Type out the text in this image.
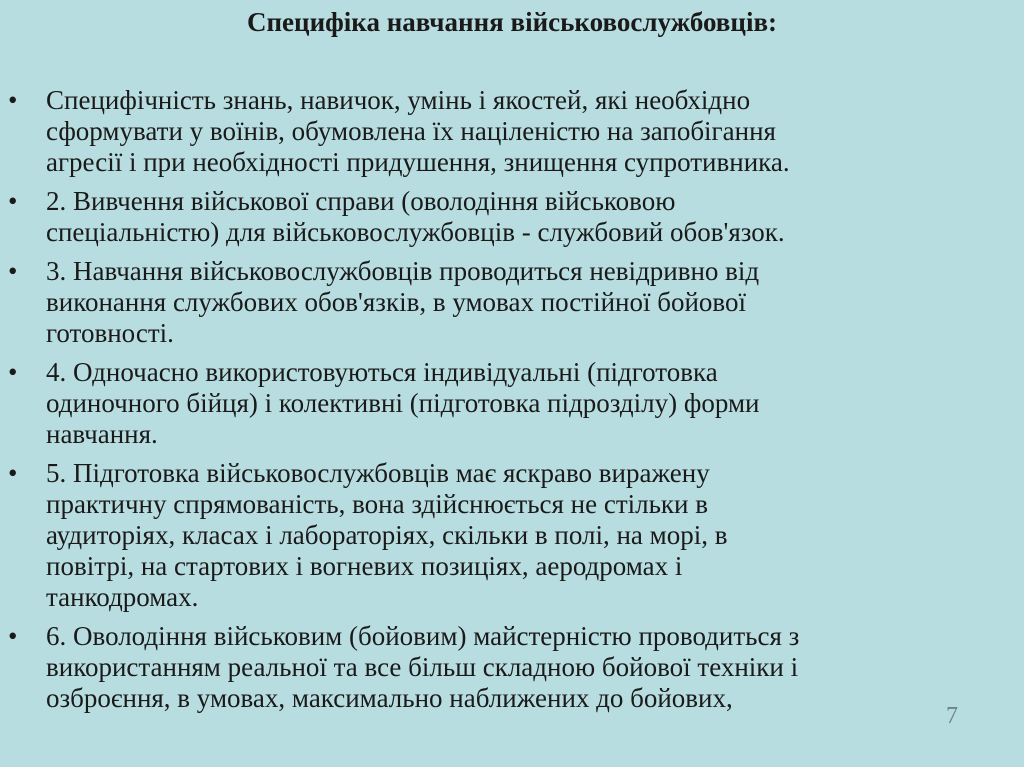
Специфіка навчання військовослужбовців:
• Специфічність знань, навичок, умінь і якостей, які необхідно
сформувати у воїнів, обумовлена їх націленістю на запобігання
агресії і при необхідності придушення, знищення супротивника.
• 2. Вивчення військової справи (оволодіння військовою
спеціальністю) для військовослужбовців - службовий обов'язок.
• 3. Навчання військовослужбовців проводиться невідривно від
виконання службових обов'язків, в умовах постійної бойової
готовності.
• 4. Одночасно використовуються індивідуальні (підготовка
одиночного бійця) і колективні (підготовка підрозділу) форми
навчання.
• 5. Підготовка військовослужбовців має яскраво виражену
практичну спрямованість, вона здійснюється не стільки в
аудиторіях, класах і лабораторіях, скільки в полі, на морі, в
повітрі, на стартових і вогневих позиціях, аеродромах і
танкодромах.
• 6. Оволодіння військовим (бойовим) майстерністю проводиться з
використанням реальної та все більш складною бойової техніки і
озброєння, в умовах, максимально наближених до бойових,
7
